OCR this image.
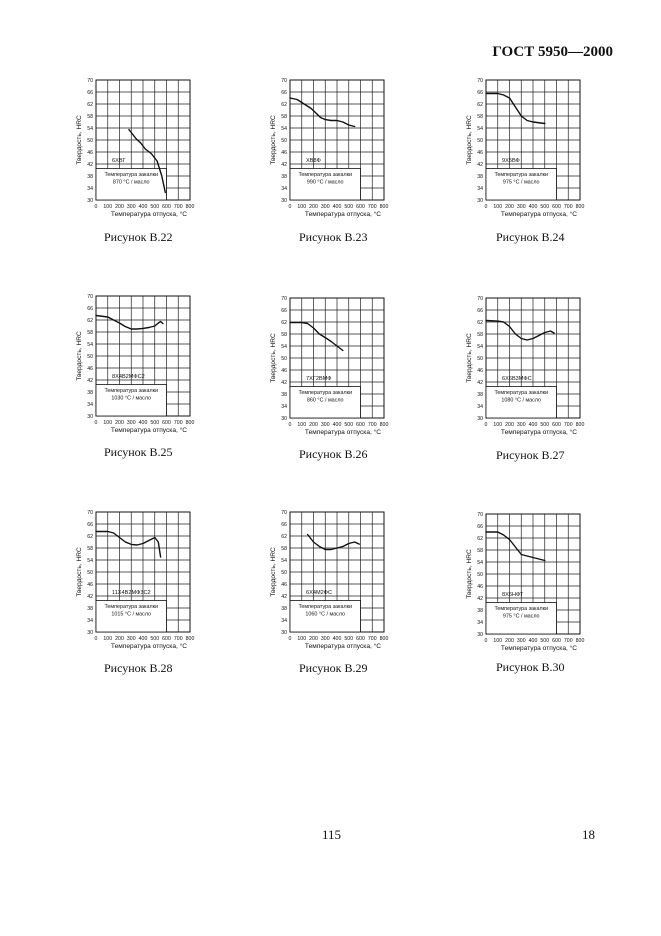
ГОСТ 5950—2000
30
34
38
42
46
50
54
58
62
66
70
0 100 200 300 400 500 600 700 800
Температура отпуска, °C
Твердость, HRC	6ХВГ
Температура закалки
870 °C / масло
Рисунок В.22
30
34
38
42
46
50
54
58
62
66
70
0 100 200 300 400 500 600 700 800
Температура отпуска, °C
Твердость, HRC	ХВ8Ф
Температура закалки
990 °C / масло
Рисунок В.23
30
34
38
42
46
50
54
58
62
66
70
0 100 200 300 400 500 600 700 800
Температура отпуска, °C
Твердость, HRC	9Х5ВФ
Температура закалки
975 °C / масло
Рисунок В.24
30
34
38
42
46
50
54
58
62
66
70
0 100 200 300 400 500 600 700 800
Температура отпуска, °C
Твердость, HRC	8Х4В2МФС2
Температура закалки
1030 °C / масло
Рисунок В.25
30
34
38
42
46
50
54
58
62
66
70
0 100 200 300 400 500 600 700 800
Температура отпуска, °C
Твердость, HRC	7ХГ2ВМФ
Температура закалки
860 °C / масло
Рисунок В.26
30
34
38
42
46
50
54
58
62
66
70
0 100 200 300 400 500 600 700 800
Температура отпуска, °C
Твердость, HRC	6Х6В3МФС
Температура закалки
1080 °C / масло
Рисунок В.27
30
34
38
42
46
50
54
58
62
66
70
0 100 200 300 400 500 600 700 800
Температура отпуска, °C
Твердость, HRC	11Х4В2МФ3С2
Температура закалки
1015 °C / масло
Рисунок В.28
30
34
38
42
46
50
54
58
62
66
70
0 100 200 300 400 500 600 700 800
Температура отпуска, °C
Твердость, HRC	6Х4М2ФС
Температура закалки
1060 °C / масло
Рисунок В.29
30
34
38
42
46
50
54
58
62
66
70
0 100 200 300 400 500 600 700 800
Температура отпуска, °C
Твердость, HRC	8Х6НФТ
Температура закалки
975 °C / масло
Рисунок В.30
115	18
